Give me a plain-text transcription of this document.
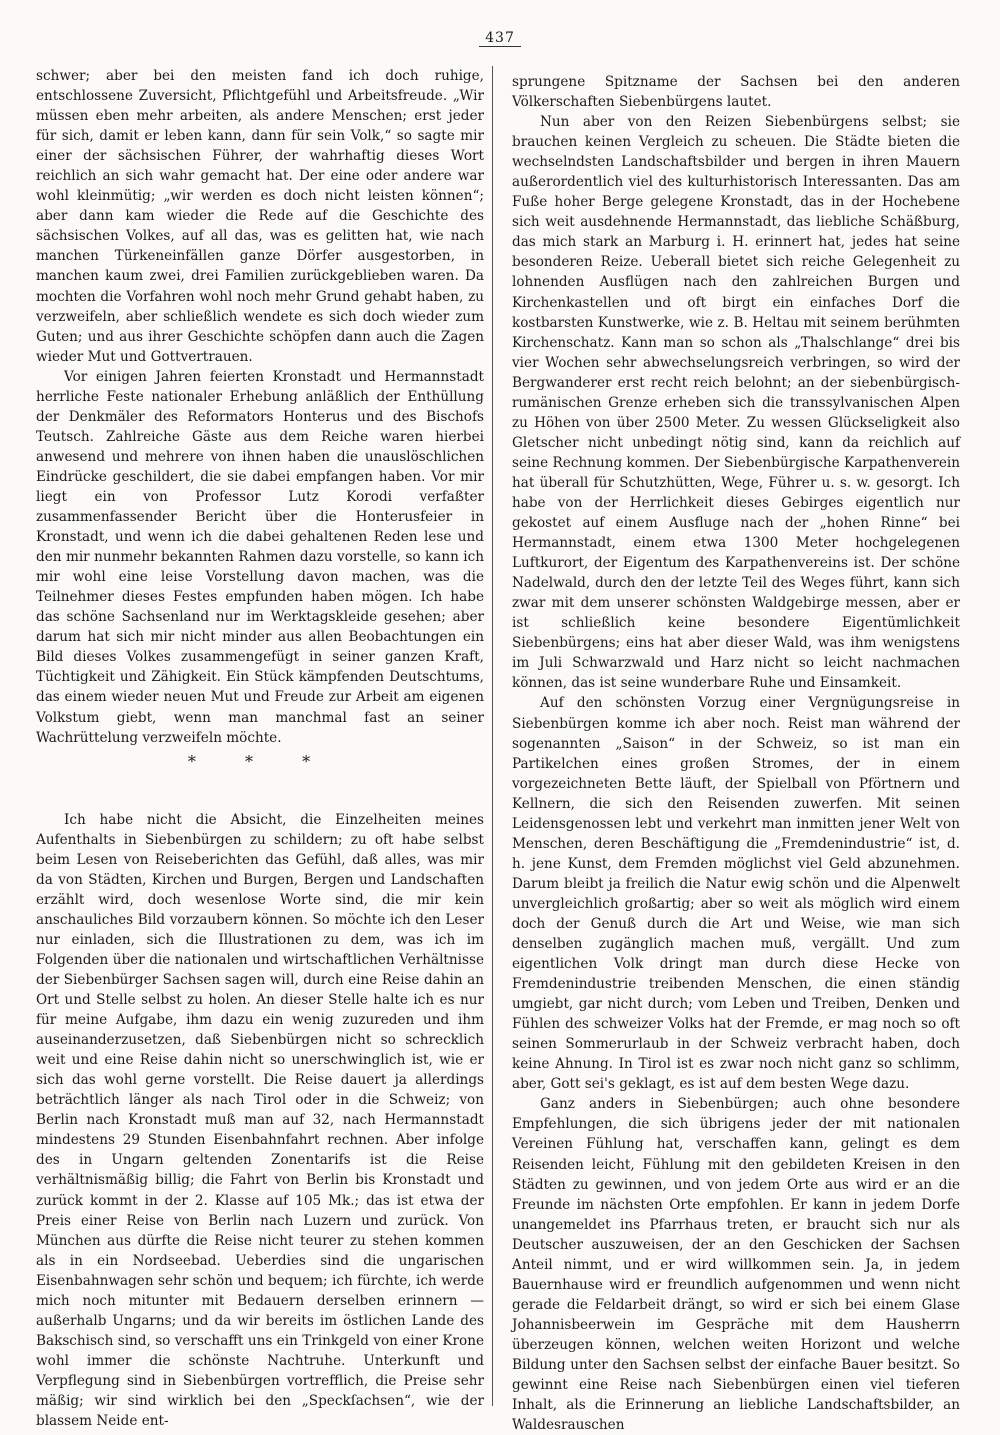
437

schwer; aber bei den meisten fand ich doch ruhige, entschlossene Zuversicht, Pflichtgefühl und Arbeitsfreude. „Wir müssen eben mehr arbeiten, als andere Menschen; erst jeder für sich, damit er leben kann, dann für sein Volk,“ so sagte mir einer der sächsischen Führer, der wahrhaftig dieses Wort reichlich an sich wahr gemacht hat. Der eine oder andere war wohl kleinmütig; „wir werden es doch nicht leisten können“; aber dann kam wieder die Rede auf die Geschichte des sächsischen Volkes, auf all das, was es gelitten hat, wie nach manchen Türkeneinfällen ganze Dörfer ausgestorben, in manchen kaum zwei, drei Familien zurückgeblieben waren. Da mochten die Vorfahren wohl noch mehr Grund gehabt haben, zu verzweifeln, aber schließlich wendete es sich doch wieder zum Guten; und aus ihrer Geschichte schöpfen dann auch die Zagen wieder Mut und Gottvertrauen.

Vor einigen Jahren feierten Kronstadt und Hermannstadt herrliche Feste nationaler Erhebung anläßlich der Enthüllung der Denkmäler des Reformators Honterus und des Bischofs Teutsch. Zahlreiche Gäste aus dem Reiche waren hierbei anwesend und mehrere von ihnen haben die unauslöschlichen Eindrücke geschildert, die sie dabei empfangen haben. Vor mir liegt ein von Professor Lutz Korodi verfaßter zusammenfassender Bericht über die Honterusfeier in Kronstadt, und wenn ich die dabei gehaltenen Reden lese und den mir nunmehr bekannten Rahmen dazu vorstelle, so kann ich mir wohl eine leise Vorstellung davon machen, was die Teilnehmer dieses Festes empfunden haben mögen. Ich habe das schöne Sachsenland nur im Werktagskleide gesehen; aber darum hat sich mir nicht minder aus allen Beobachtungen ein Bild dieses Volkes zusammengefügt in seiner ganzen Kraft, Tüchtigkeit und Zähigkeit. Ein Stück kämpfenden Deutschtums, das einem wieder neuen Mut und Freude zur Arbeit am eigenen Volkstum giebt, wenn man manchmal fast an seiner Wachrüttelung verzweifeln möchte.

* * *

Ich habe nicht die Absicht, die Einzelheiten meines Aufenthalts in Siebenbürgen zu schildern; zu oft habe selbst beim Lesen von Reiseberichten das Gefühl, daß alles, was mir da von Städten, Kirchen und Burgen, Bergen und Landschaften erzählt wird, doch wesenlose Worte sind, die mir kein anschauliches Bild vorzaubern können. So möchte ich den Leser nur einladen, sich die Illustrationen zu dem, was ich im Folgenden über die nationalen und wirtschaftlichen Verhältnisse der Siebenbürger Sachsen sagen will, durch eine Reise dahin an Ort und Stelle selbst zu holen. An dieser Stelle halte ich es nur für meine Aufgabe, ihm dazu ein wenig zuzureden und ihm auseinanderzusetzen, daß Siebenbürgen nicht so schrecklich weit und eine Reise dahin nicht so unerschwinglich ist, wie er sich das wohl gerne vorstellt. Die Reise dauert ja allerdings beträchtlich länger als nach Tirol oder in die Schweiz; von Berlin nach Kronstadt muß man auf 32, nach Hermannstadt mindestens 29 Stunden Eisenbahnfahrt rechnen. Aber infolge des in Ungarn geltenden Zonentarifs ist die Reise verhältnismäßig billig; die Fahrt von Berlin bis Kronstadt und zurück kommt in der 2. Klasse auf 105 Mk.; das ist etwa der Preis einer Reise von Berlin nach Luzern und zurück. Von München aus dürfte die Reise nicht teurer zu stehen kommen als in ein Nordseebad. Ueberdies sind die ungarischen Eisenbahnwagen sehr schön und bequem; ich fürchte, ich werde mich noch mitunter mit Bedauern derselben erinnern — außerhalb Ungarns; und da wir bereits im östlichen Lande des Bakschisch sind, so verschafft uns ein Trinkgeld von einer Krone wohl immer die schönste Nachtruhe. Unterkunft und Verpflegung sind in Siebenbürgen vortrefflich, die Preise sehr mäßig; wir sind wirklich bei den „Speckſachsen“, wie der blassem Neide ent-

sprungene Spitzname der Sachsen bei den anderen Völkerschaften Siebenbürgens lautet.

Nun aber von den Reizen Siebenbürgens selbst; sie brauchen keinen Vergleich zu scheuen. Die Städte bieten die wechselndsten Landschaftsbilder und bergen in ihren Mauern außerordentlich viel des kulturhistorisch Interessanten. Das am Fuße hoher Berge gelegene Kronstadt, das in der Hochebene sich weit ausdehnende Hermannstadt, das liebliche Schäßburg, das mich stark an Marburg i. H. erinnert hat, jedes hat seine besonderen Reize. Ueberall bietet sich reiche Gelegenheit zu lohnenden Ausflügen nach den zahlreichen Burgen und Kirchenkastellen und oft birgt ein einfaches Dorf die kostbarsten Kunstwerke, wie z. B. Heltau mit seinem berühmten Kirchenschatz. Kann man so schon als „Thalschlange“ drei bis vier Wochen sehr abwechselungsreich verbringen, so wird der Bergwanderer erst recht reich belohnt; an der siebenbürgisch-rumänischen Grenze erheben sich die transsylvanischen Alpen zu Höhen von über 2500 Meter. Zu wessen Glückseligkeit also Gletscher nicht unbedingt nötig sind, kann da reichlich auf seine Rechnung kommen. Der Siebenbürgische Karpathenverein hat überall für Schutzhütten, Wege, Führer u. s. w. gesorgt. Ich habe von der Herrlichkeit dieses Gebirges eigentlich nur gekostet auf einem Ausfluge nach der „hohen Rinne“ bei Hermannstadt, einem etwa 1300 Meter hochgelegenen Luftkurort, der Eigentum des Karpathenvereins ist. Der schöne Nadelwald, durch den der letzte Teil des Weges führt, kann sich zwar mit dem unserer schönsten Waldgebirge messen, aber er ist schließlich keine besondere Eigentümlichkeit Siebenbürgens; eins hat aber dieser Wald, was ihm wenigstens im Juli Schwarzwald und Harz nicht so leicht nachmachen können, das ist seine wunderbare Ruhe und Einsamkeit.

Auf den schönsten Vorzug einer Vergnügungsreise in Siebenbürgen komme ich aber noch. Reist man während der sogenannten „Saison“ in der Schweiz, so ist man ein Partikelchen eines großen Stromes, der in einem vorgezeichneten Bette läuft, der Spielball von Pförtnern und Kellnern, die sich den Reisenden zuwerfen. Mit seinen Leidensgenossen lebt und verkehrt man inmitten jener Welt von Menschen, deren Beschäftigung die „Fremdenindustrie“ ist, d. h. jene Kunst, dem Fremden möglichst viel Geld abzunehmen. Darum bleibt ja freilich die Natur ewig schön und die Alpenwelt unvergleichlich großartig; aber so weit als möglich wird einem doch der Genuß durch die Art und Weise, wie man sich denselben zugänglich machen muß, vergällt. Und zum eigentlichen Volk dringt man durch diese Hecke von Fremdenindustrie treibenden Menschen, die einen ständig umgiebt, gar nicht durch; vom Leben und Treiben, Denken und Fühlen des schweizer Volks hat der Fremde, er mag noch so oft seinen Sommerurlaub in der Schweiz verbracht haben, doch keine Ahnung. In Tirol ist es zwar noch nicht ganz so schlimm, aber, Gott sei's geklagt, es ist auf dem besten Wege dazu.

Ganz anders in Siebenbürgen; auch ohne besondere Empfehlungen, die sich übrigens jeder der mit nationalen Vereinen Fühlung hat, verschaffen kann, gelingt es dem Reisenden leicht, Fühlung mit den gebildeten Kreisen in den Städten zu gewinnen, und von jedem Orte aus wird er an die Freunde im nächsten Orte empfohlen. Er kann in jedem Dorfe unangemeldet ins Pfarrhaus treten, er braucht sich nur als Deutscher auszuweisen, der an den Geschicken der Sachsen Anteil nimmt, und er wird willkommen sein. Ja, in jedem Bauernhause wird er freundlich aufgenommen und wenn nicht gerade die Feldarbeit drängt, so wird er sich bei einem Glase Johannisbeerwein im Gespräche mit dem Hausherrn überzeugen können, welchen weiten Horizont und welche Bildung unter den Sachsen selbst der einfache Bauer besitzt. So gewinnt eine Reise nach Siebenbürgen einen viel tieferen Inhalt, als die Erinnerung an liebliche Landschaftsbilder, an Waldesrauschen
